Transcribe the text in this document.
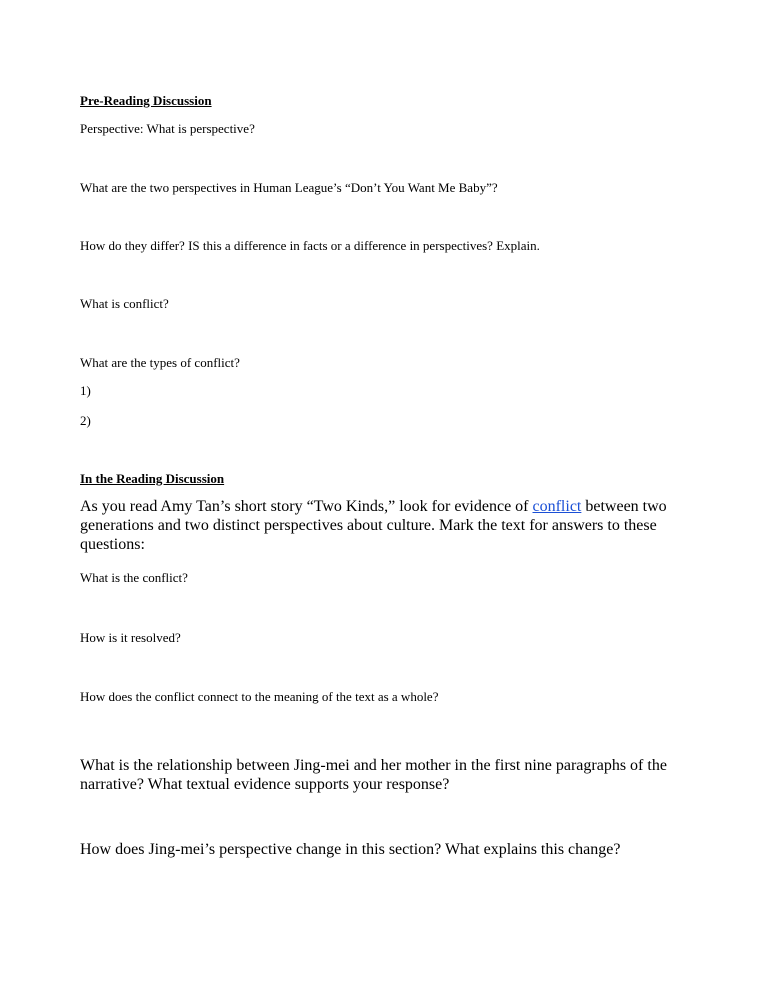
Pre-Reading Discussion

Perspective: What is perspective?

What are the two perspectives in Human League’s “Don’t You Want Me Baby”?

How do they differ? IS this a difference in facts or a difference in perspectives? Explain.

What is conflict?

What are the types of conflict?

1)

2)

In the Reading Discussion

As you read Amy Tan’s short story “Two Kinds,” look for evidence of conflict between two generations and two distinct perspectives about culture. Mark the text for answers to these questions:

What is the conflict?

How is it resolved?

How does the conflict connect to the meaning of the text as a whole?

What is the relationship between Jing-mei and her mother in the first nine paragraphs of the narrative? What textual evidence supports your response?

How does Jing-mei’s perspective change in this section? What explains this change?
